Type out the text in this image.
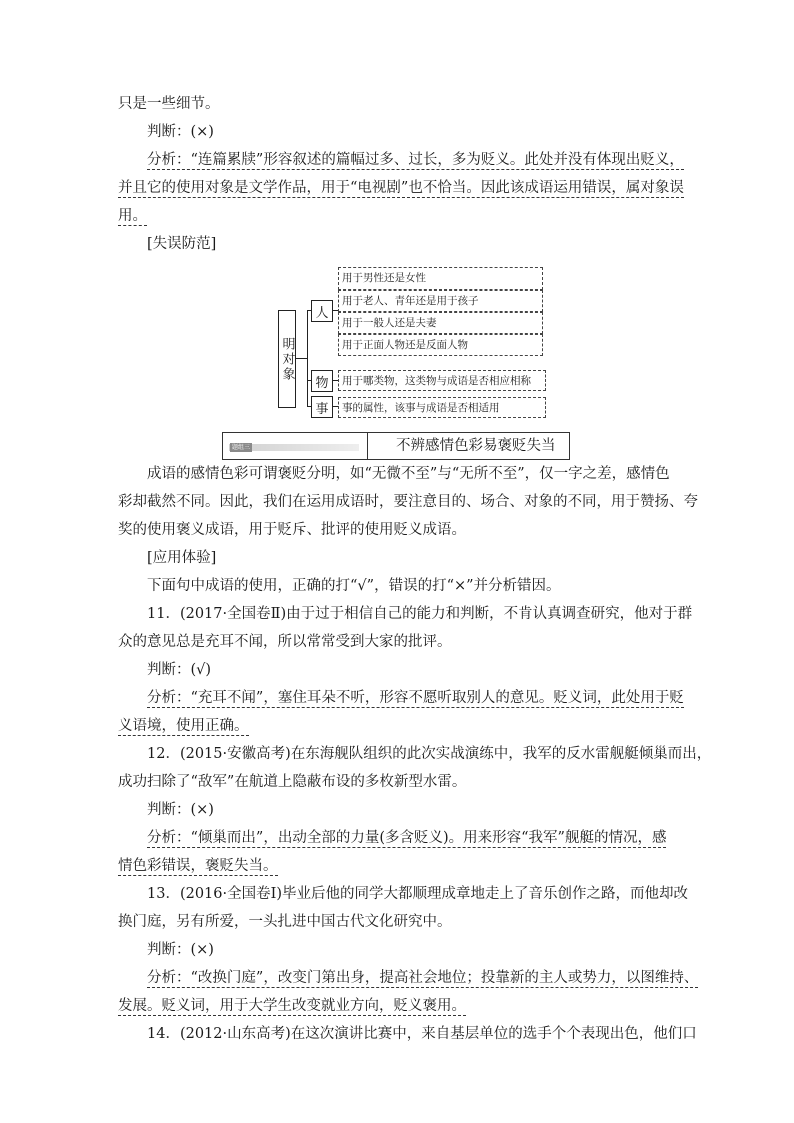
只是一些细节。
判断：(×)
分析：“连篇累牍”形容叙述的篇幅过多、过长，多为贬义。此处并没有体现出贬义，
并且它的使用对象是文学作品，用于“电视剧”也不恰当。因此该成语运用错误，属对象误
用。
[失误防范]
明对象
人
物
事
用于男性还是女性
用于老人、青年还是用于孩子
用于一般人还是夫妻
用于正面人物还是反面人物
用于哪类物，这类物与成语是否相应相称
事的属性，该事与成语是否相适用
题组三	不辨感情色彩易褒贬失当
成语的感情色彩可谓褒贬分明，如“无微不至”与“无所不至”，仅一字之差，感情色
彩却截然不同。因此，我们在运用成语时，要注意目的、场合、对象的不同，用于赞扬、夸
奖的使用褒义成语，用于贬斥、批评的使用贬义成语。
[应用体验]
下面句中成语的使用，正确的打“√”，错误的打“×”并分析错因。
11．(2017·全国卷Ⅱ)由于过于相信自己的能力和判断，不肯认真调查研究，他对于群
众的意见总是充耳不闻，所以常常受到大家的批评。
判断：(√)
分析：“充耳不闻”，塞住耳朵不听，形容不愿听取别人的意见。贬义词，此处用于贬
义语境，使用正确。
12．(2015·安徽高考)在东海舰队组织的此次实战演练中，我军的反水雷舰艇倾巢而出，
成功扫除了“敌军”在航道上隐蔽布设的多枚新型水雷。
判断：(×)
分析：“倾巢而出”，出动全部的力量(多含贬义)。用来形容“我军”舰艇的情况，感
情色彩错误，褒贬失当。
13．(2016·全国卷Ⅰ)毕业后他的同学大都顺理成章地走上了音乐创作之路，而他却改
换门庭，另有所爱，一头扎进中国古代文化研究中。
判断：(×)
分析：“改换门庭”，改变门第出身，提高社会地位；投靠新的主人或势力，以图维持、
发展。贬义词，用于大学生改变就业方向，贬义褒用。
14．(2012·山东高考)在这次演讲比赛中，来自基层单位的选手个个表现出色，他们口
